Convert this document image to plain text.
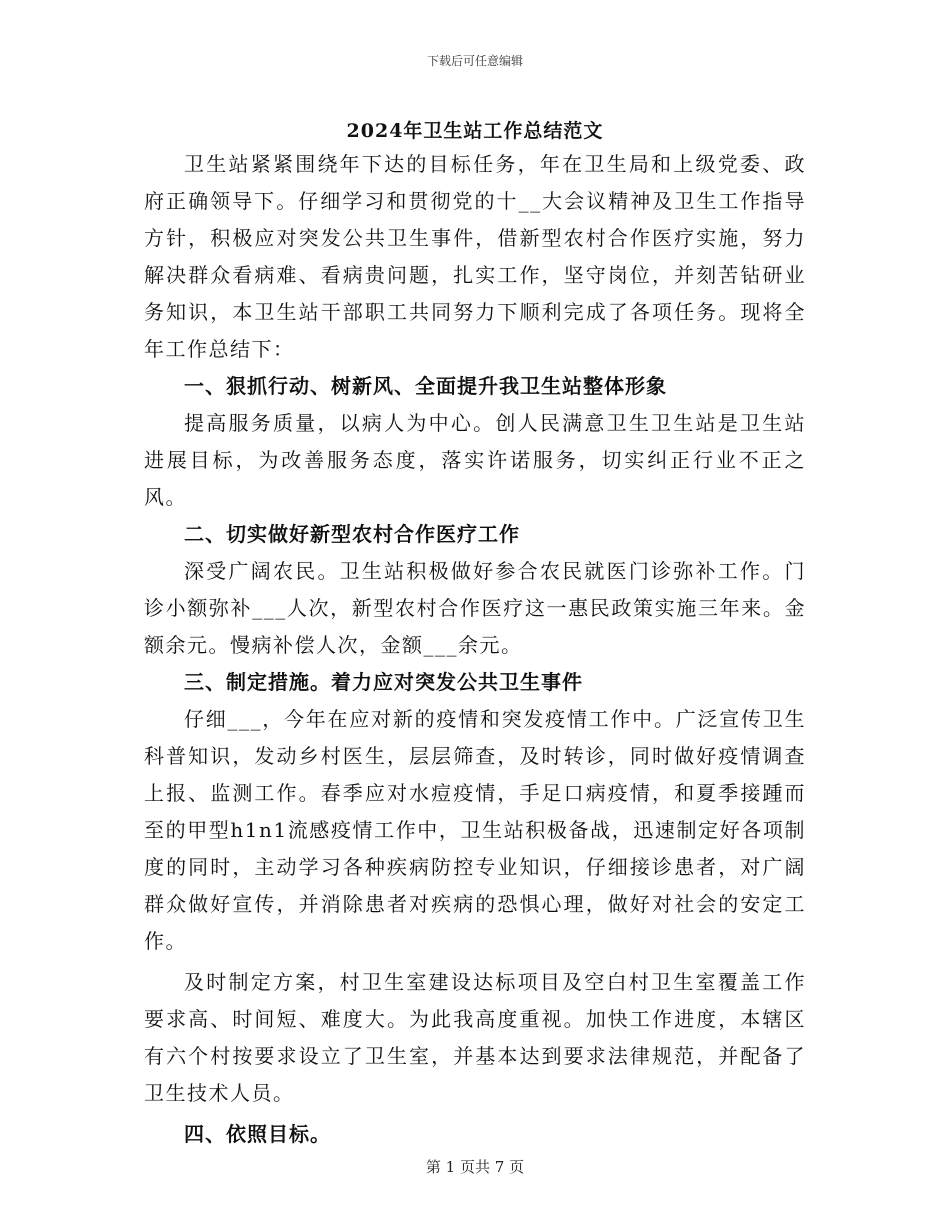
下载后可任意编辑
2024年卫生站工作总结范文

卫生站紧紧围绕年下达的目标任务，年在卫生局和上级党委、政府正确领导下。仔细学习和贯彻党的十__大会议精神及卫生工作指导方针，积极应对突发公共卫生事件，借新型农村合作医疗实施，努力解决群众看病难、看病贵问题，扎实工作，坚守岗位，并刻苦钻研业务知识，本卫生站干部职工共同努力下顺利完成了各项任务。现将全年工作总结下：

一、狠抓行动、树新风、全面提升我卫生站整体形象

提高服务质量，以病人为中心。创人民满意卫生卫生站是卫生站进展目标，为改善服务态度，落实许诺服务，切实纠正行业不正之风。

二、切实做好新型农村合作医疗工作

深受广阔农民。卫生站积极做好参合农民就医门诊弥补工作。门诊小额弥补___人次，新型农村合作医疗这一惠民政策实施三年来。金额余元。慢病补偿人次，金额___余元。

三、制定措施。着力应对突发公共卫生事件

仔细___，今年在应对新的疫情和突发疫情工作中。广泛宣传卫生科普知识，发动乡村医生，层层筛查，及时转诊，同时做好疫情调查上报、监测工作。春季应对水痘疫情，手足口病疫情，和夏季接踵而至的甲型h1n1流感疫情工作中，卫生站积极备战，迅速制定好各项制度的同时，主动学习各种疾病防控专业知识，仔细接诊患者，对广阔群众做好宣传，并消除患者对疾病的恐惧心理，做好对社会的安定工作。

及时制定方案，村卫生室建设达标项目及空白村卫生室覆盖工作要求高、时间短、难度大。为此我高度重视。加快工作进度，本辖区有六个村按要求设立了卫生室，并基本达到要求法律规范，并配备了卫生技术人员。

四、依照目标。

第 1 页共 7 页
